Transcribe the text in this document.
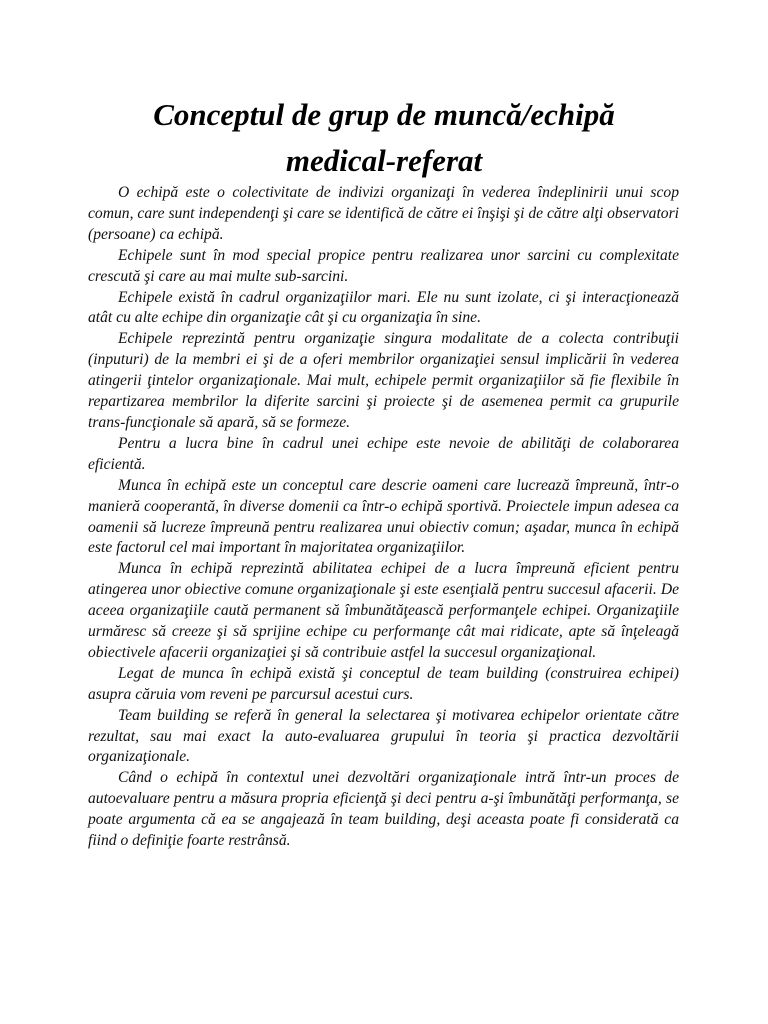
Conceptul de grup de muncă/echipă
medical-referat

O echipă este o colectivitate de indivizi organizaţi în vederea îndeplinirii unui scop comun, care sunt independenţi şi care se identifică de către ei înşişi şi de către alţi observatori (persoane) ca echipă.

Echipele sunt în mod special propice pentru realizarea unor sarcini cu complexitate crescută şi care au mai multe sub-sarcini.

Echipele există în cadrul organizaţiilor mari. Ele nu sunt izolate, ci şi interacţionează atât cu alte echipe din organizaţie cât şi cu organizaţia în sine.

Echipele reprezintă pentru organizaţie singura modalitate de a colecta contribuţii (inputuri) de la membri ei şi de a oferi membrilor organizaţiei sensul implicării în vederea atingerii ţintelor organizaţionale. Mai mult, echipele permit organizaţiilor să fie flexibile în repartizarea membrilor la diferite sarcini şi proiecte şi de asemenea permit ca grupurile trans-funcţionale să apară, să se formeze.

Pentru a lucra bine în cadrul unei echipe este nevoie de abilităţi de colaborarea eficientă.

Munca în echipă este un conceptul care descrie oameni care lucrează împreună, într-o manieră cooperantă, în diverse domenii ca într-o echipă sportivă. Proiectele impun adesea ca oamenii să lucreze împreună pentru realizarea unui obiectiv comun; aşadar, munca în echipă este factorul cel mai important în majoritatea organizaţiilor.

Munca în echipă reprezintă abilitatea echipei de a lucra împreună eficient pentru atingerea unor obiective comune organizaţionale şi este esenţială pentru succesul afacerii. De aceea organizaţiile caută permanent să îmbunătăţească performanţele echipei. Organizaţiile urmăresc să creeze şi să sprijine echipe cu performanţe cât mai ridicate, apte să înţeleagă obiectivele afacerii organizaţiei şi să contribuie astfel la succesul organizaţional.

Legat de munca în echipă există şi conceptul de team building (construirea echipei) asupra căruia vom reveni pe parcursul acestui curs.

Team building se referă în general la selectarea şi motivarea echipelor orientate către rezultat, sau mai exact la auto-evaluarea grupului în teoria şi practica dezvoltării organizaţionale.

Când o echipă în contextul unei dezvoltări organizaţionale intră într-un proces de autoevaluare pentru a măsura propria eficienţă şi deci pentru a-şi îmbunătăţi performanţa, se poate argumenta că ea se angajează în team building, deşi aceasta poate fi considerată ca fiind o definiţie foarte restrânsă.
